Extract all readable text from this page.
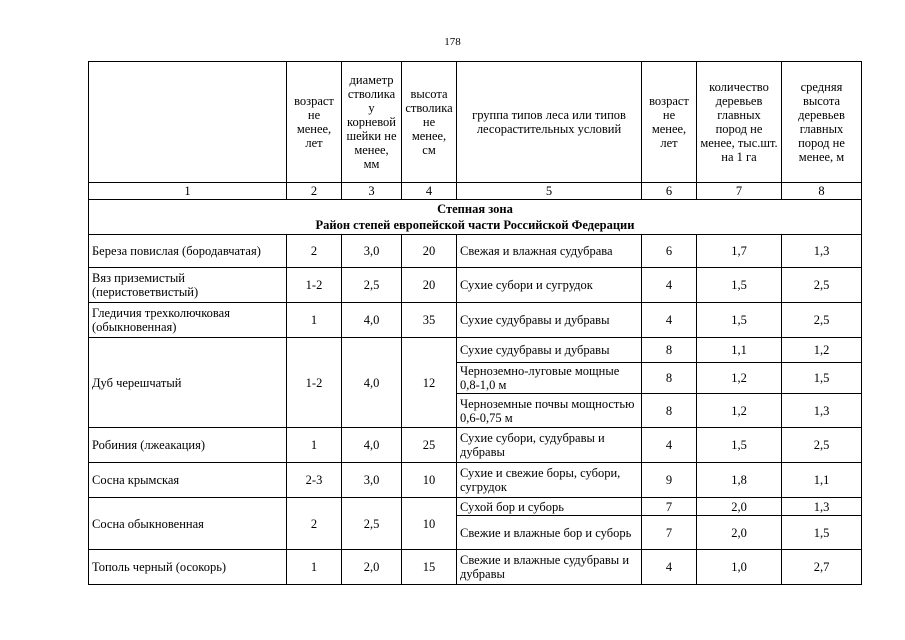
178
	возраст не менее, лет	диаметр стволика у корневой шейки не менее, мм	высота стволика не менее, см	группа типов леса или типов лесорастительных условий	возраст не менее, лет	количество деревьев главных пород не менее, тыс.шт. на 1 га	средняя высота деревьев главных пород не менее, м
1	2	3	4	5	6	7	8

Степная зона
Район степей европейской части Российской Федерации							

Береза повислая (бородавчатая)	2	3,0	20	Свежая и влажная судубрава	6	1,7	1,3
Вяз приземистый (перистоветвистый)	1-2	2,5	20	Сухие субори и сугрудок	4	1,5	2,5
Гледичия трехколючковая (обыкновенная)	1	4,0	35	Сухие судубравы и дубравы	4	1,5	2,5
Дуб черешчатый	1-2	4,0	12	Сухие судубравы и дубравы	8	1,1	1,2
				Черноземно-луговые мощные 0,8-1,0 м	8	1,2	1,5
				Черноземные почвы мощностью 0,6-0,75 м	8	1,2	1,3
Робиния (лжеакация)	1	4,0	25	Сухие субори, судубравы и дубравы	4	1,5	2,5
Сосна крымская	2-3	3,0	10	Сухие и свежие боры, субори, сугрудок	9	1,8	1,1
Сосна обыкновенная	2	2,5	10	Сухой бор и суборь	7	2,0	1,3
				Свежие и влажные бор и суборь	7	2,0	1,5
Тополь черный (осокорь)	1	2,0	15	Свежие и влажные судубравы и дубравы	4	1,0	2,7
